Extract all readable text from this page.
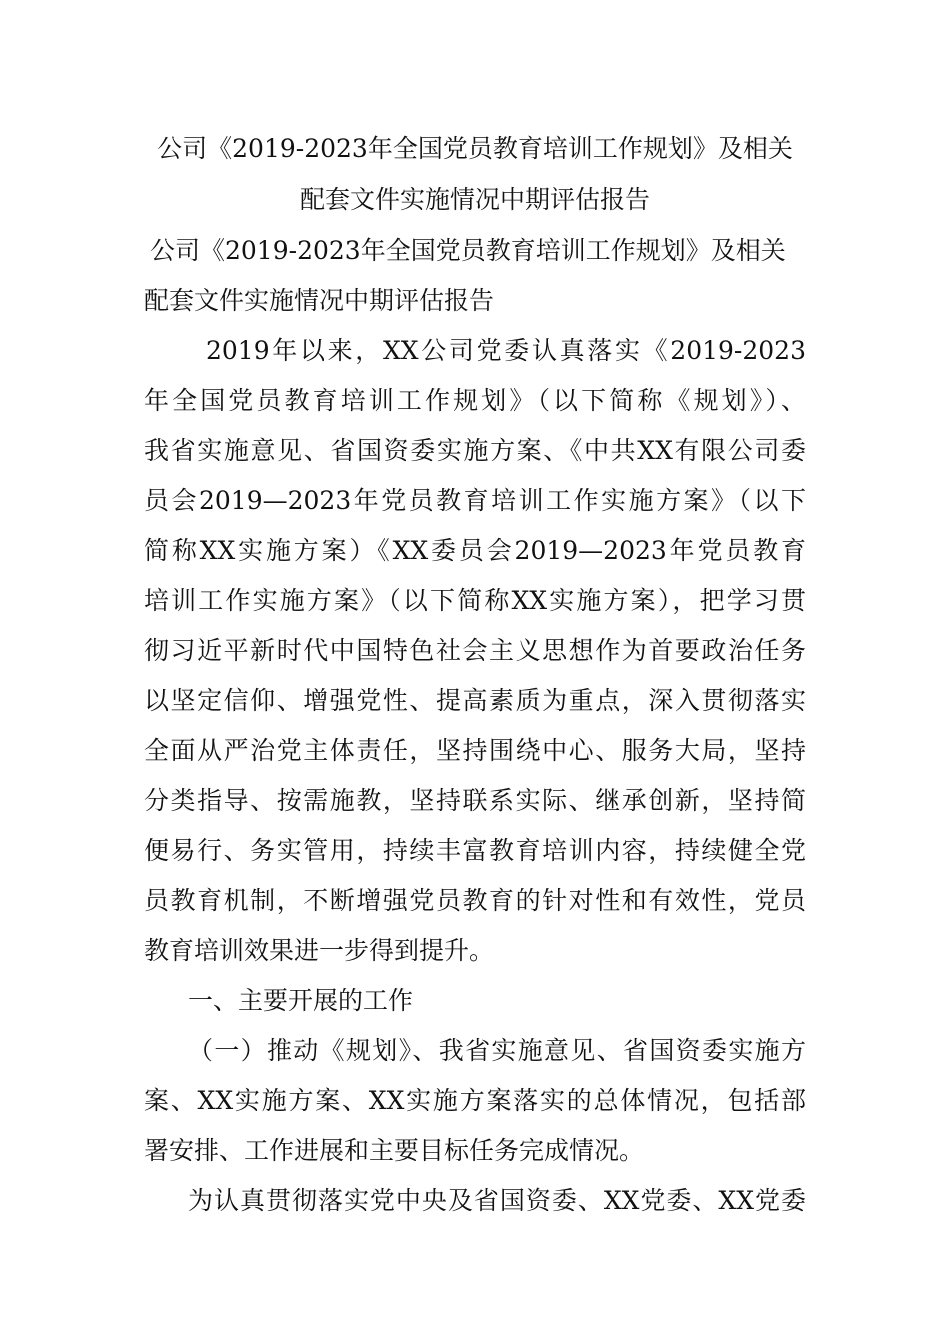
公司《2019-2023年全国党员教育培训工作规划》及相关
配套文件实施情况中期评估报告
公司《2019-2023年全国党员教育培训工作规划》及相关
配套文件实施情况中期评估报告
2019年以来，XX公司党委认真落实《2019-2023
年全国党员教育培训工作规划》（以下简称《规划》）、
我省实施意见、省国资委实施方案、《中共XX有限公司委
员会2019—2023年党员教育培训工作实施方案》（以下
简称XX实施方案）《XX委员会2019—2023年党员教育
培训工作实施方案》（以下简称XX实施方案），把学习贯
彻习近平新时代中国特色社会主义思想作为首要政治任务
以坚定信仰、增强党性、提高素质为重点，深入贯彻落实
全面从严治党主体责任，坚持围绕中心、服务大局，坚持
分类指导、按需施教，坚持联系实际、继承创新，坚持简
便易行、务实管用，持续丰富教育培训内容，持续健全党
员教育机制，不断增强党员教育的针对性和有效性，党员
教育培训效果进一步得到提升。
一、主要开展的工作
（一）推动《规划》、我省实施意见、省国资委实施方
案、XX实施方案、XX实施方案落实的总体情况，包括部
署安排、工作进展和主要目标任务完成情况。
为认真贯彻落实党中央及省国资委、XX党委、XX党委
